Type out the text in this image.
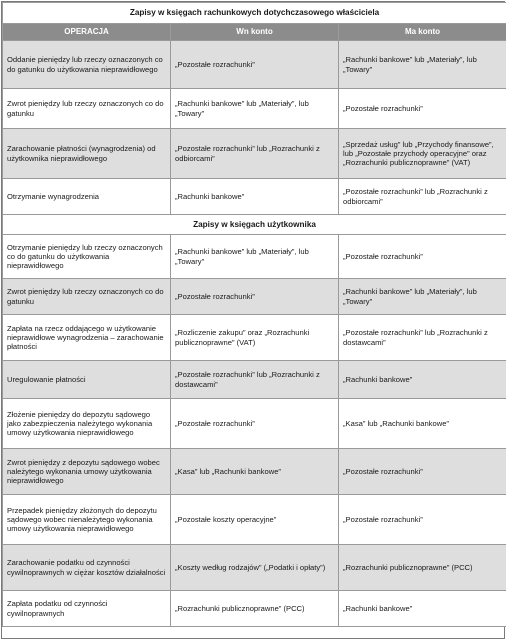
Zapisy w księgach rachunkowych dotychczasowego właściciela		
OPERACJA	Wn konto	Ma konto
Oddanie pieniędzy lub rzeczy oznaczonych co do gatunku do użytkowania nieprawidłowego	„Pozostałe rozrachunki”	„Rachunki bankowe” lub „Materiały”, lub „Towary”
Zwrot pieniędzy lub rzeczy oznaczonych co do gatunku	„Rachunki bankowe” lub „Materiały”, lub „Towary”	„Pozostałe rozrachunki”
Zarachowanie płatności (wynagrodzenia) od użytkownika nieprawidłowego	„Pozostałe rozrachunki” lub „Rozrachunki z odbiorcami”	„Sprzedaż usług” lub „Przychody finansowe”, lub „Pozostałe przychody operacyjne” oraz „Rozrachunki publicznoprawne” (VAT)
Otrzymanie wynagrodzenia	„Rachunki bankowe”	„Pozostałe rozrachunki” lub „Rozrachunki z odbiorcami”
Zapisy w księgach użytkownika		
Otrzymanie pieniędzy lub rzeczy oznaczonych co do gatunku do użytkowania nieprawidłowego	„Rachunki bankowe” lub „Materiały”, lub „Towary”	„Pozostałe rozrachunki”
Zwrot pieniędzy lub rzeczy oznaczonych co do gatunku	„Pozostałe rozrachunki”	„Rachunki bankowe” lub „Materiały”, lub „Towary”
Zapłata na rzecz oddającego w użytkowanie nieprawidłowe wynagrodzenia – zarachowanie płatności	„Rozliczenie zakupu” oraz „Rozrachunki publicznoprawne” (VAT)	„Pozostałe rozrachunki” lub „Rozrachunki z dostawcami”
Uregulowanie płatności	„Pozostałe rozrachunki” lub „Rozrachunki z dostawcami”	„Rachunki bankowe”
Złożenie pieniędzy do depozytu sądowego jako zabezpieczenia należytego wykonania umowy użytkowania nieprawidłowego	„Pozostałe rozrachunki”	„Kasa” lub „Rachunki bankowe”
Zwrot pieniędzy z depozytu sądowego wobec należytego wykonania umowy użytkowania nieprawidłowego	„Kasa” lub „Rachunki bankowe”	„Pozostałe rozrachunki”
Przepadek pieniędzy złożonych do depozytu sądowego wobec nienależytego wykonania umowy użytkowania nieprawidłowego	„Pozostałe koszty operacyjne”	„Pozostałe rozrachunki”
Zarachowanie podatku od czynności cywilnoprawnych w ciężar kosztów działalności	„Koszty według rodzajów” („Podatki i opłaty”)	„Rozrachunki publicznoprawne” (PCC)
Zapłata podatku od czynności cywilnoprawnych	„Rozrachunki publicznoprawne” (PCC)	„Rachunki bankowe”
